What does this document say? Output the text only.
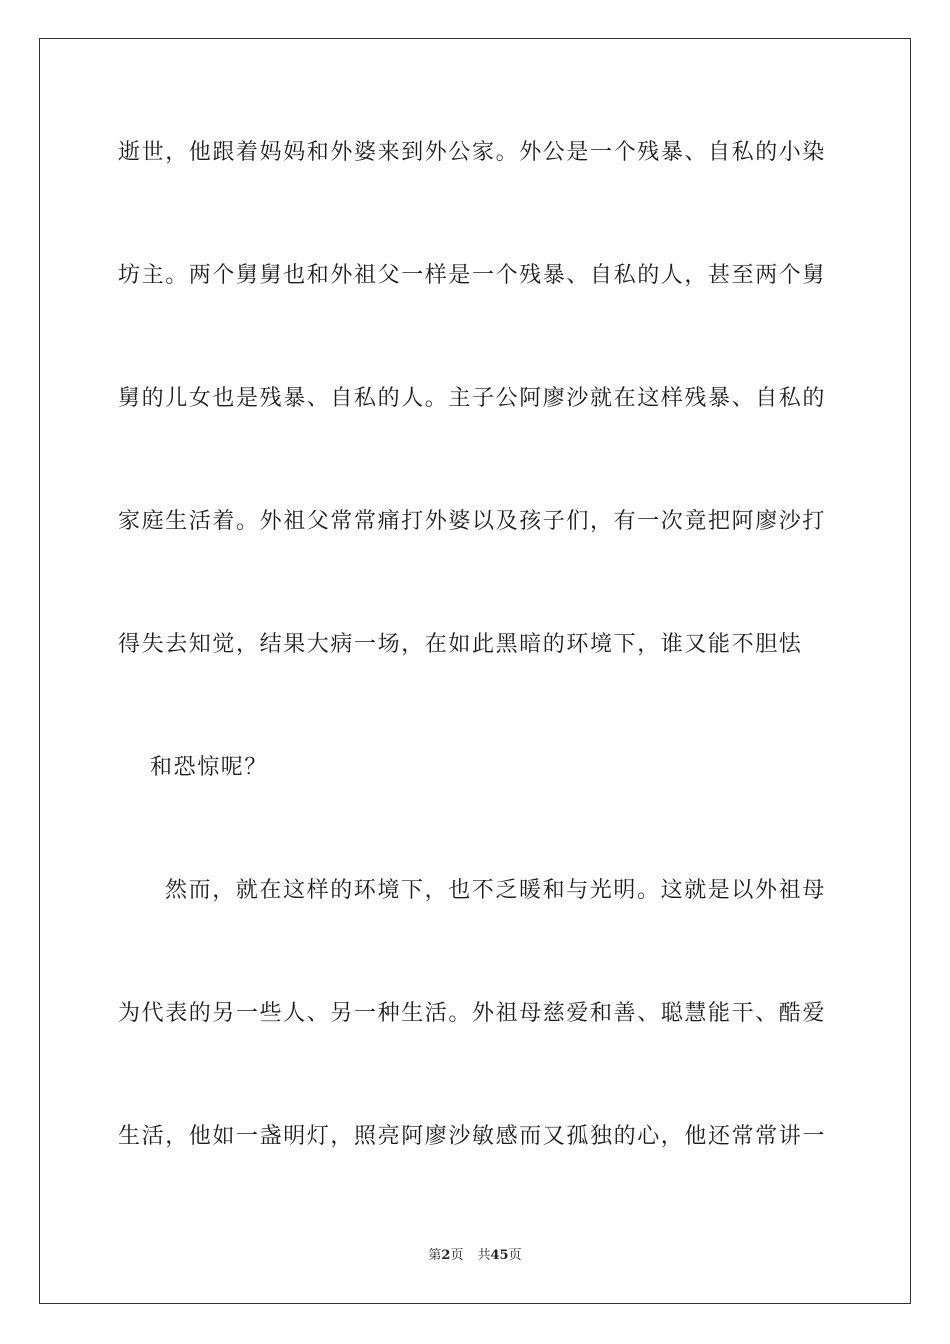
逝世，他跟着妈妈和外婆来到外公家。外公是一个残暴、自私的小染
坊主。两个舅舅也和外祖父一样是一个残暴、自私的人，甚至两个舅
舅的儿女也是残暴、自私的人。主子公阿廖沙就在这样残暴、自私的
家庭生活着。外祖父常常痛打外婆以及孩子们，有一次竟把阿廖沙打
得失去知觉，结果大病一场，在如此黑暗的环境下，谁又能不胆怯
和恐惊呢？
然而，就在这样的环境下，也不乏暖和与光明。这就是以外祖母
为代表的另一些人、另一种生活。外祖母慈爱和善、聪慧能干、酷爱
生活，他如一盏明灯，照亮阿廖沙敏感而又孤独的心，他还常常讲一
第2页 共45页
